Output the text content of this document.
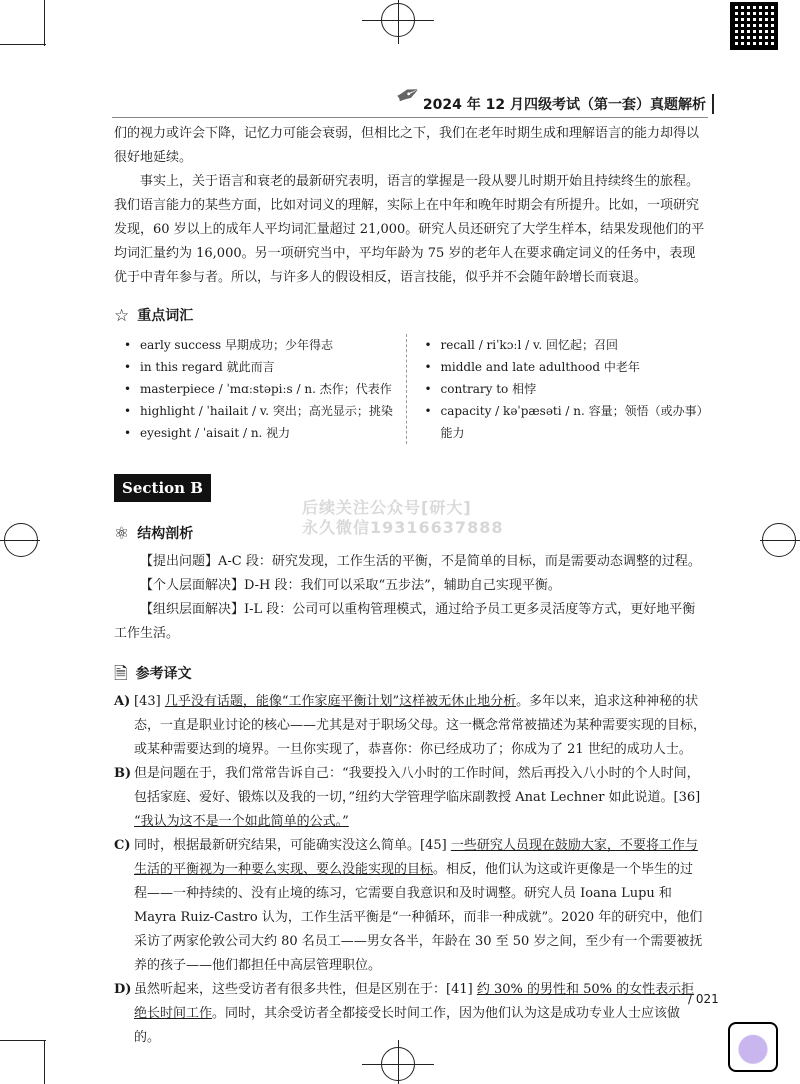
✒
2024 年 12 月四级考试（第一套）真题解析

们的视力或许会下降，记忆力可能会衰弱，但相比之下，我们在老年时期生成和理解语言的能力却得以很好地延续。

事实上，关于语言和衰老的最新研究表明，语言的掌握是一段从婴儿时期开始且持续终生的旅程。我们语言能力的某些方面，比如对词义的理解，实际上在中年和晚年时期会有所提升。比如，一项研究发现，60 岁以上的成年人平均词汇量超过 21,000。研究人员还研究了大学生样本，结果发现他们的平均词汇量约为 16,000。另一项研究当中，平均年龄为 75 岁的老年人在要求确定词义的任务中，表现优于中青年参与者。所以，与许多人的假设相反，语言技能，似乎并不会随年龄增长而衰退。

☆ 重点词汇
• early success 早期成功；少年得志
• in this regard 就此而言
• masterpiece / ˈmɑːstəpiːs / n. 杰作；代表作
• highlight / ˈhailait / v. 突出；高光显示；挑染
• eyesight / ˈaisait / n. 视力
• recall / riˈkɔːl / v. 回忆起；召回
• middle and late adulthood 中老年
• contrary to 相悖
• capacity / kəˈpæsəti / n. 容量；领悟（或办事）能力
Section B
⚛ 结构剖析

【提出问题】A-C 段：研究发现，工作生活的平衡，不是简单的目标，而是需要动态调整的过程。

【个人层面解决】D-H 段：我们可以采取“五步法”，辅助自己实现平衡。

【组织层面解决】I-L 段：公司可以重构管理模式，通过给予员工更多灵活度等方式，更好地平衡工作生活。

🗎 参考译文
A) [43] 几乎没有话题，能像“工作家庭平衡计划”这样被无休止地分析。多年以来，追求这种神秘的状态，一直是职业讨论的核心——尤其是对于职场父母。这一概念常常被描述为某种需要实现的目标，或某种需要达到的境界。一旦你实现了，恭喜你：你已经成功了；你成为了 21 世纪的成功人士。

B) 但是问题在于，我们常常告诉自己：“我要投入八小时的工作时间，然后再投入八小时的个人时间，包括家庭、爱好、锻炼以及我的一切，”纽约大学管理学临床副教授 Anat Lechner 如此说道。[36] “我认为这不是一个如此简单的公式。”

C) 同时，根据最新研究结果，可能确实没这么简单。[45] 一些研究人员现在鼓励大家，不要将工作与生活的平衡视为一种要么实现、要么没能实现的目标。相反，他们认为这或许更像是一个毕生的过程——一种持续的、没有止境的练习，它需要自我意识和及时调整。研究人员 Ioana Lupu 和 Mayra Ruiz-Castro 认为，工作生活平衡是“一种循环，而非一种成就”。2020 年的研究中，他们采访了两家伦敦公司大约 80 名员工——男女各半，年龄在 30 至 50 岁之间，至少有一个需要被抚养的孩子——他们都担任中高层管理职位。

D) 虽然听起来，这些受访者有很多共性，但是区别在于：[41] 约 30% 的男性和 50% 的女性表示拒绝长时间工作。同时，其余受访者全都接受长时间工作，因为他们认为这是成功专业人士应该做的。

后续关注公众号[研大]
永久微信19316637888
/ 021
